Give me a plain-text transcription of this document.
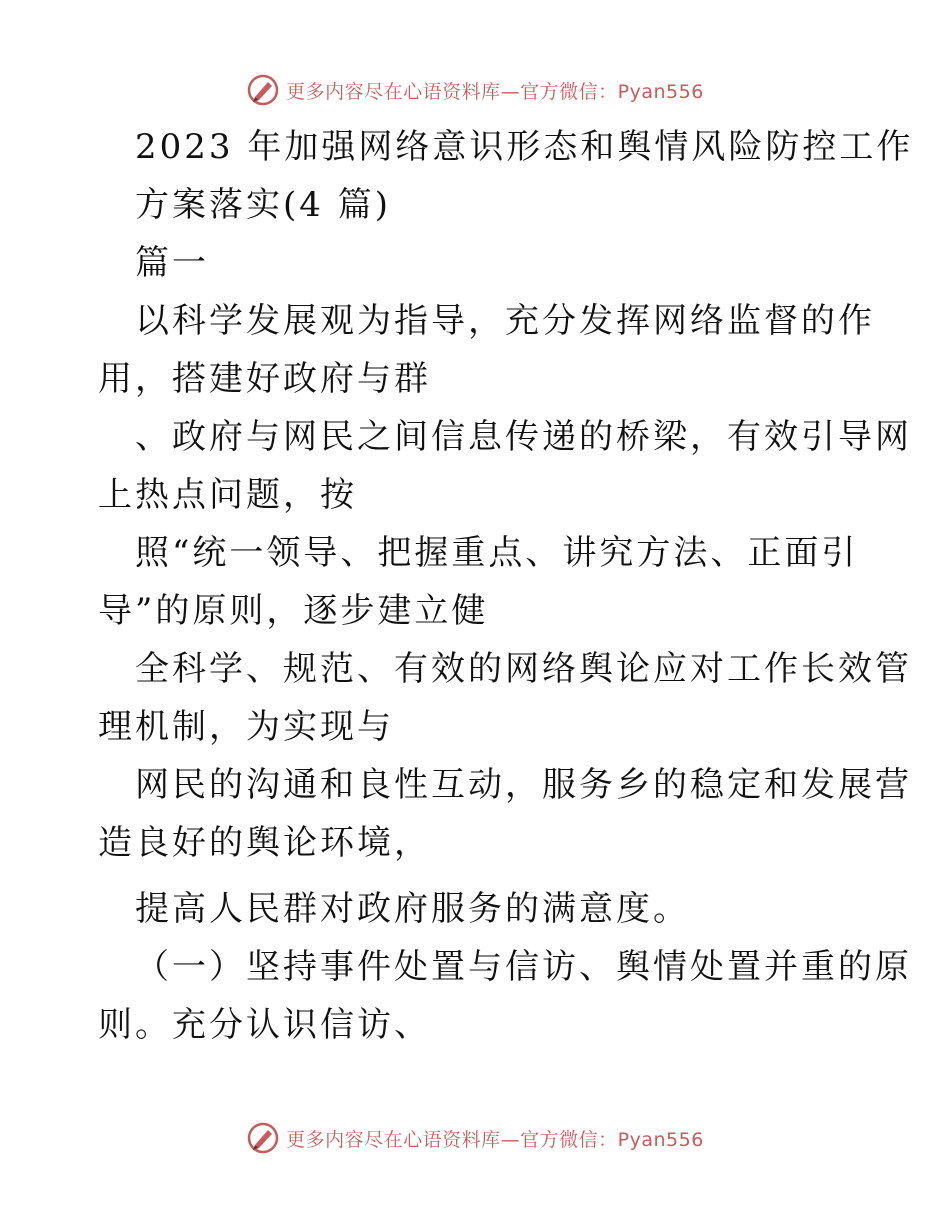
更多内容尽在心语资料库—官方微信：Pyan556
2023 年加强网络意识形态和舆情风险防控工作
方案落实(4 篇)
篇一
以科学发展观为指导，充分发挥网络监督的作
用，搭建好政府与群
、政府与网民之间信息传递的桥梁，有效引导网
上热点问题，按
照“统一领导、把握重点、讲究方法、正面引
导”的原则，逐步建立健
全科学、规范、有效的网络舆论应对工作长效管
理机制，为实现与
网民的沟通和良性互动，服务乡的稳定和发展营
造良好的舆论环境，
提高人民群对政府服务的满意度。
（一）坚持事件处置与信访、舆情处置并重的原
则。充分认识信访、
更多内容尽在心语资料库—官方微信：Pyan556
